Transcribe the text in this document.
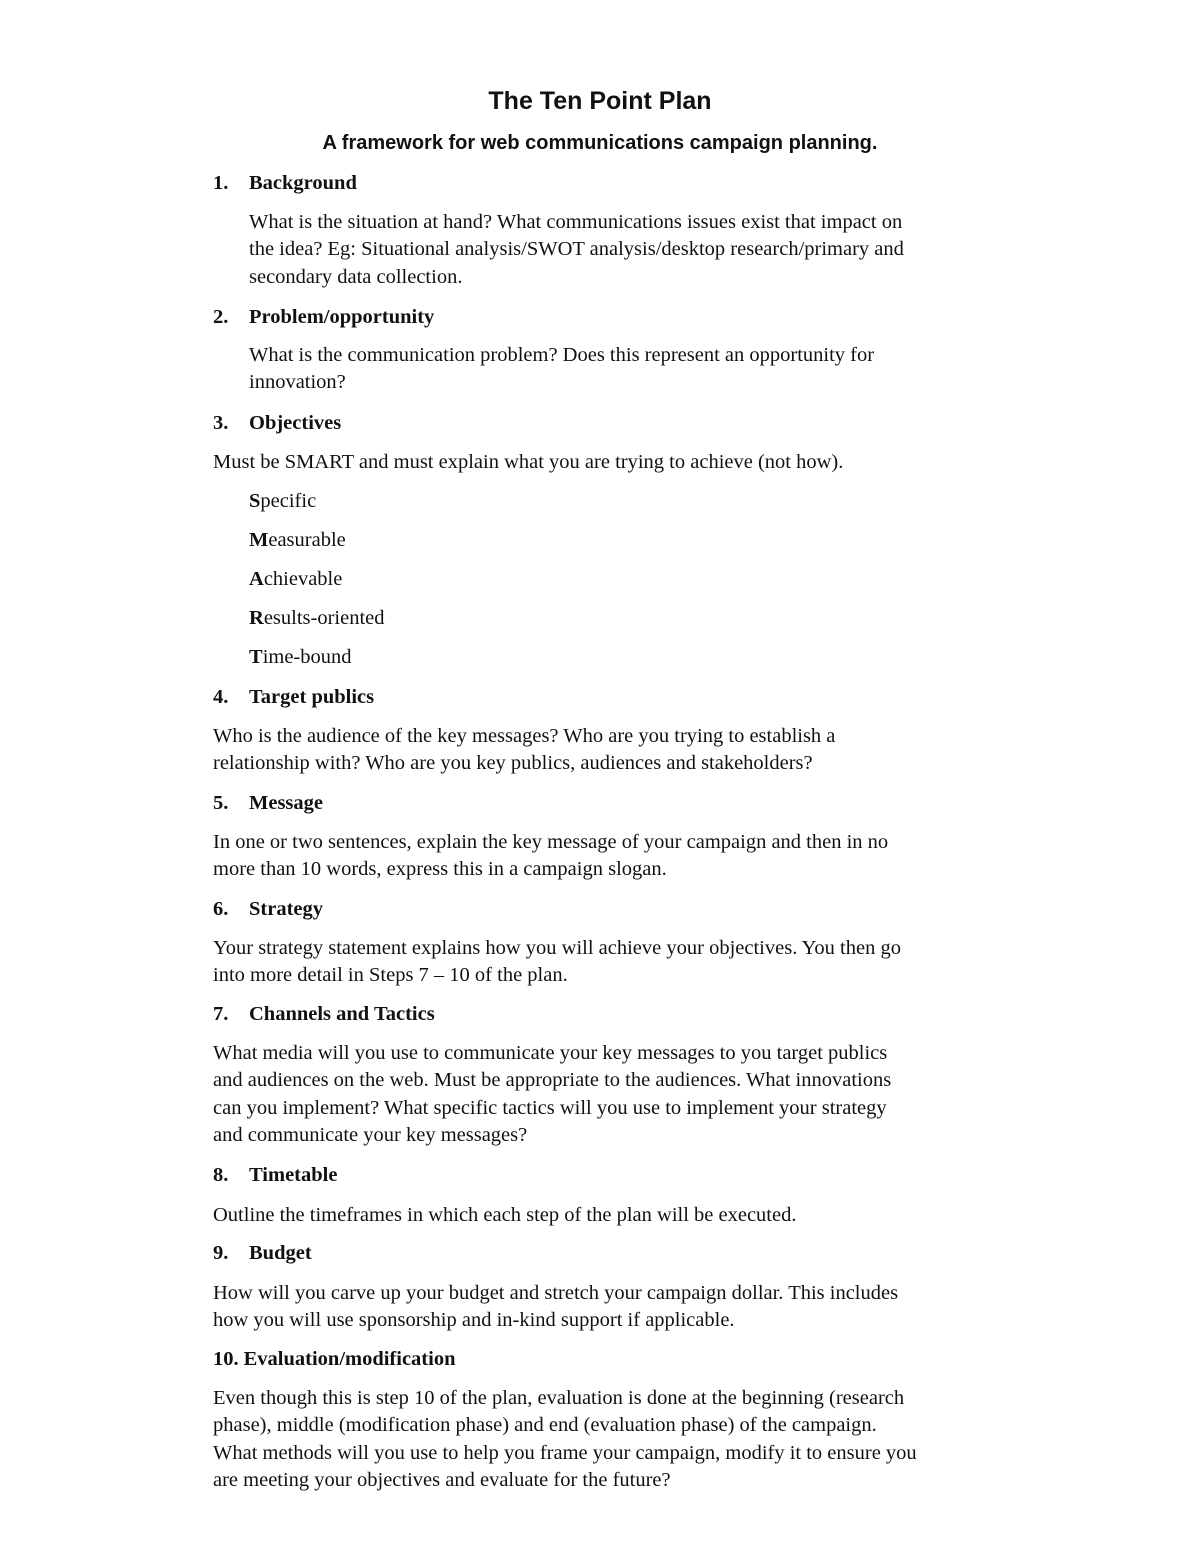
The Ten Point Plan
A framework for web communications campaign planning.
1. Background
What is the situation at hand? What communications issues exist that impact on
the idea? Eg: Situational analysis/SWOT analysis/desktop research/primary and
secondary data collection.
2. Problem/opportunity
What is the communication problem? Does this represent an opportunity for
innovation?
3. Objectives
Must be SMART and must explain what you are trying to achieve (not how).
Specific
Measurable
Achievable
Results-oriented
Time-bound
4. Target publics
Who is the audience of the key messages? Who are you trying to establish a
relationship with? Who are you key publics, audiences and stakeholders?
5. Message
In one or two sentences, explain the key message of your campaign and then in no
more than 10 words, express this in a campaign slogan.
6. Strategy
Your strategy statement explains how you will achieve your objectives. You then go
into more detail in Steps 7 – 10 of the plan.
7. Channels and Tactics
What media will you use to communicate your key messages to you target publics
and audiences on the web. Must be appropriate to the audiences. What innovations
can you implement? What specific tactics will you use to implement your strategy
and communicate your key messages?
8. Timetable
Outline the timeframes in which each step of the plan will be executed.
9. Budget
How will you carve up your budget and stretch your campaign dollar. This includes
how you will use sponsorship and in-kind support if applicable.
10. Evaluation/modification
Even though this is step 10 of the plan, evaluation is done at the beginning (research
phase), middle (modification phase) and end (evaluation phase) of the campaign.
What methods will you use to help you frame your campaign, modify it to ensure you
are meeting your objectives and evaluate for the future?
